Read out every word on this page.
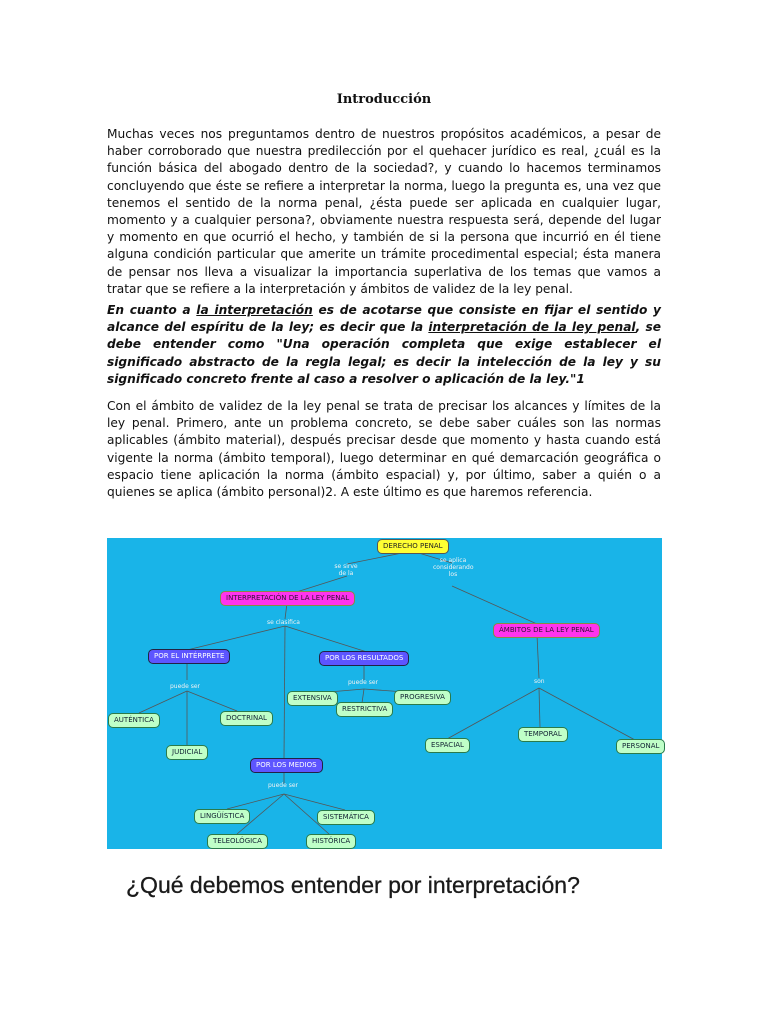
Introducción

Muchas veces nos preguntamos dentro de nuestros propósitos académicos, a pesar de haber corroborado que nuestra predilección por el quehacer jurídico es real, ¿cuál es la función básica del abogado dentro de la sociedad?, y cuando lo hacemos terminamos concluyendo que éste se refiere a interpretar la norma, luego la pregunta es, una vez que tenemos el sentido de la norma penal, ¿ésta puede ser aplicada en cualquier lugar, momento y a cualquier persona?, obviamente nuestra respuesta será, depende del lugar y momento en que ocurrió el hecho, y también de si la persona que incurrió en él tiene alguna condición particular que amerite un trámite procedimental especial; ésta manera de pensar nos lleva a visualizar la importancia superlativa de los temas que vamos a tratar que se refiere a la interpretación y ámbitos de validez de la ley penal.

En cuanto a la interpretación es de acotarse que consiste en fijar el sentido y alcance del espíritu de la ley; es decir que la interpretación de la ley penal, se debe entender como "Una operación completa que exige establecer el significado abstracto de la regla legal; es decir la intelección de la ley y su significado concreto frente al caso a resolver o aplicación de la ley."1

Con el ámbito de validez de la ley penal se trata de precisar los alcances y límites de la ley penal. Primero, ante un problema concreto, se debe saber cuáles son las normas aplicables (ámbito material), después precisar desde que momento y hasta cuando está vigente la norma (ámbito temporal), luego determinar en qué demarcación geográfica o espacio tiene aplicación la norma (ámbito espacial) y, por último, saber a quién o a quienes se aplica (ámbito personal)2. A este último es que haremos referencia.

DERECHO PENAL
se sirve de la
se aplica considerando los
INTERPRETACIÓN DE LA LEY PENAL
ÁMBITOS DE LA LEY PENAL
se clasifica
POR EL INTÉRPRETE	POR LOS RESULTADOS
puede ser
puede ser	son
EXTENSIVA	PROGRESIVA
RESTRICTIVA
AUTÉNTICA	DOCTRINAL
JUDICIAL
ESPACIAL
TEMPORAL
PERSONAL
POR LOS MEDIOS
puede ser
LINGÜÍSTICA	SISTEMÁTICA
TELEOLÓGICA	HISTÓRICA
¿Qué debemos entender por interpretación?
